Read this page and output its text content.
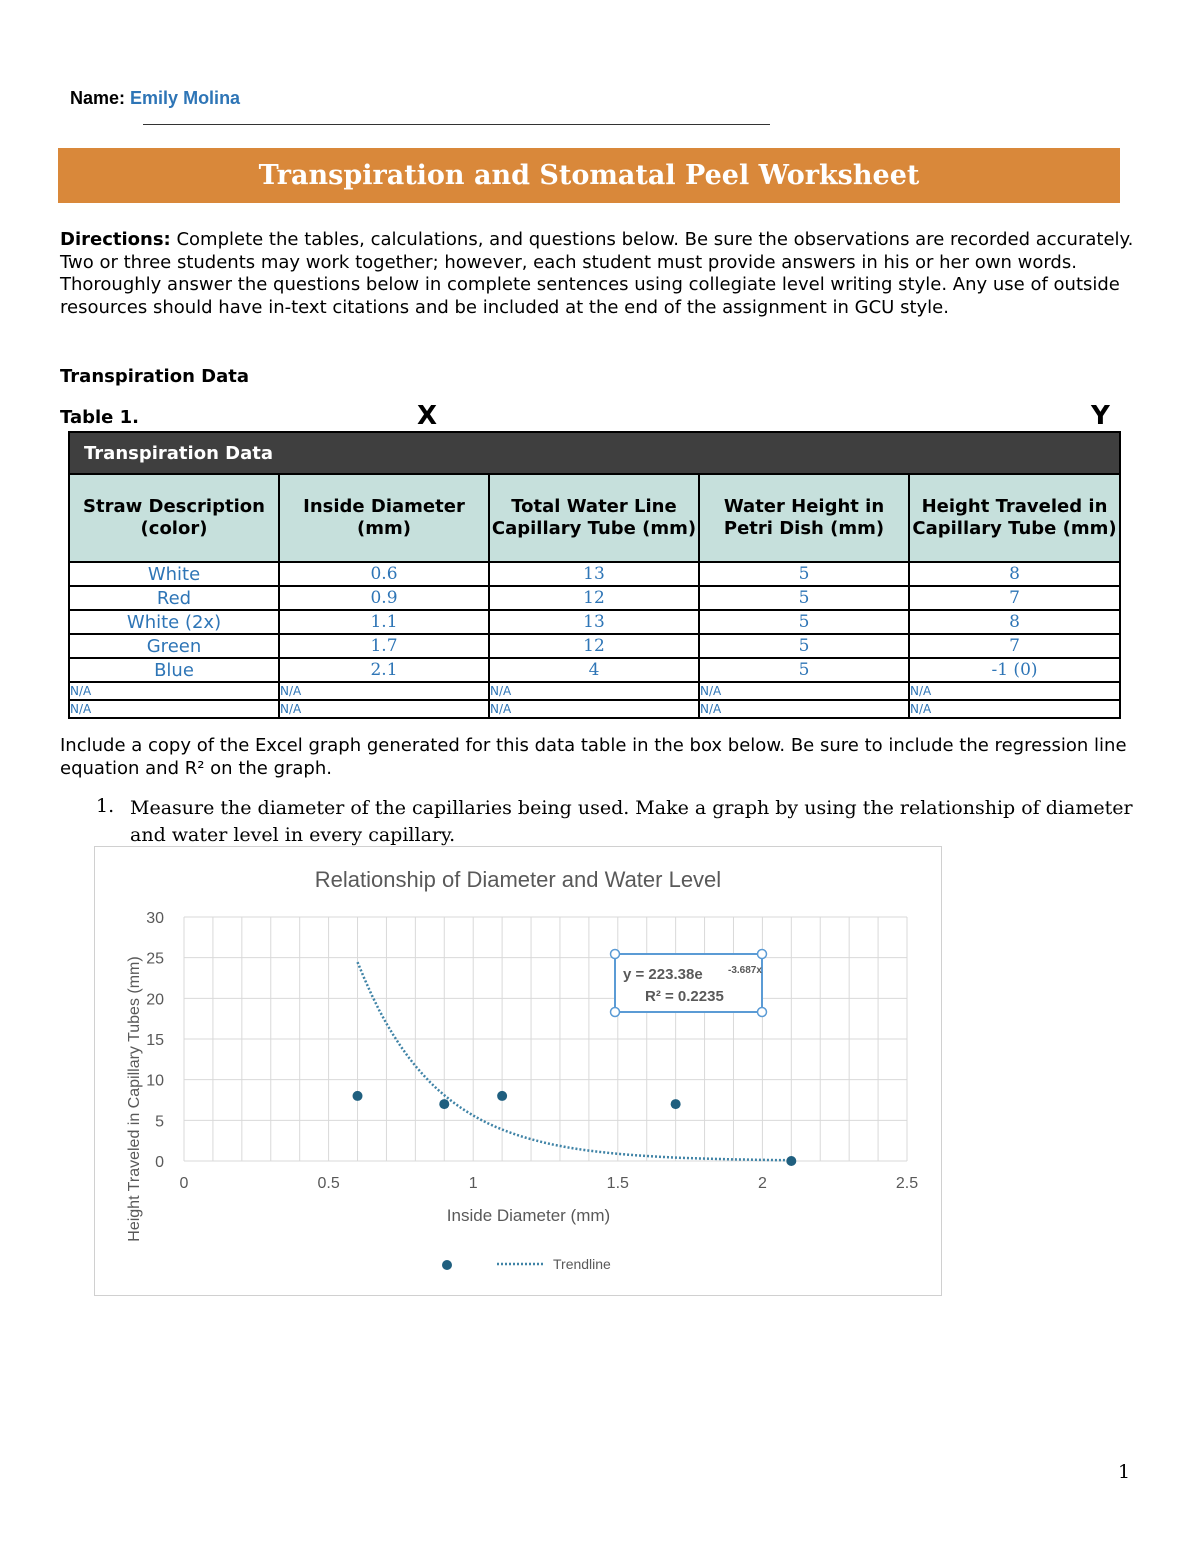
Name: Emily Molina
Transpiration and Stomatal Peel Worksheet
Directions: Complete the tables, calculations, and questions below. Be sure the observations are recorded accurately. Two or three students may work together; however, each student must provide answers in his or her own words. Thoroughly answer the questions below in complete sentences using collegiate level writing style. Any use of outside resources should have in-text citations and be included at the end of the assignment in GCU style.
Transpiration Data
Table 1.	X	Y
Transpiration Data				
Straw Description (color)	Inside Diameter (mm)	Total Water Line Capillary Tube (mm)	Water Height in Petri Dish (mm)	Height Traveled in Capillary Tube (mm)
White	0.6	13	5	8
Red	0.9	12	5	7
White (2x)	1.1	13	5	8
Green	1.7	12	5	7
Blue	2.1	4	5	-1 (0)
N/A	N/A	N/A	N/A	N/A
N/A	N/A	N/A	N/A	N/A
Include a copy of the Excel graph generated for this data table in the box below. Be sure to include the regression line equation and R² on the graph.
1. Measure the diameter of the capillaries being used. Make a graph by using the relationship of diameter and water level in every capillary.
Relationship of Diameter and Water Level
0	0.5	1	1.5	2	2.5
0
5
10
15
20
25
30
Inside Diameter (mm)
Height Traveled in Capillary Tubes (mm)	y = 223.38e	-3.687x
R² = 0.2235
Trendline
1
